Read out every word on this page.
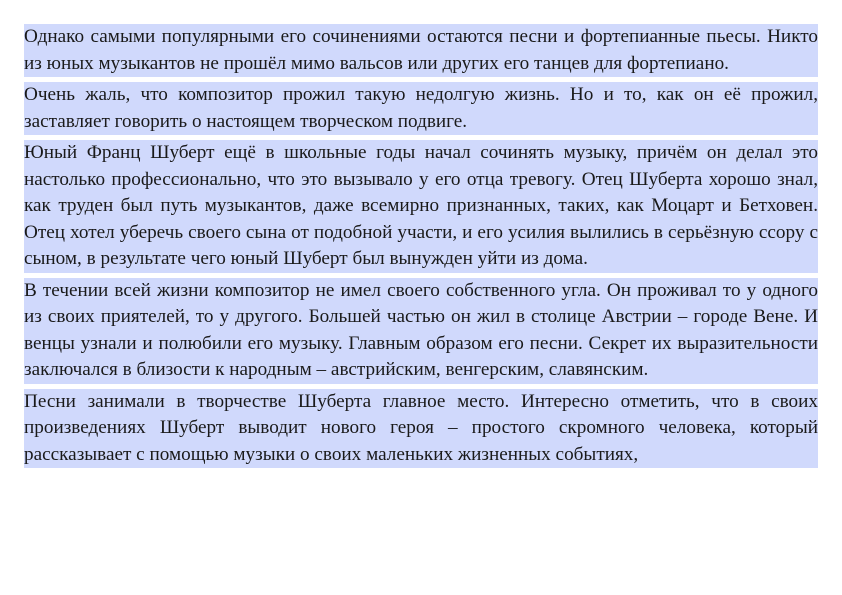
Однако самыми популярными его сочинениями остаются песни и фортепианные пьесы. Никто из юных музыкантов не прошёл мимо вальсов или других его танцев для фортепиано.

Очень жаль, что композитор прожил такую недолгую жизнь. Но и то, как он её прожил, заставляет говорить о настоящем творческом подвиге.

Юный Франц Шуберт ещё в школьные годы начал сочинять музыку, причём он делал это настолько профессионально, что это вызывало у его отца тревогу. Отец Шуберта хорошо знал, как труден был путь музыкантов, даже всемирно признанных, таких, как Моцарт и Бетховен. Отец хотел уберечь своего сына от подобной участи, и его усилия вылились в серьёзную ссору с сыном, в результате чего юный Шуберт был вынужден уйти из дома.

В течении всей жизни композитор не имел своего собственного угла. Он проживал то у одного из своих приятелей, то у другого. Большей частью он жил в столице Австрии – городе Вене. И венцы узнали и полюбили его музыку. Главным образом его песни. Секрет их выразительности заключался в близости к народным – австрийским, венгерским, славянским.

Песни занимали в творчестве Шуберта главное место. Интересно отметить, что в своих произведениях Шуберт выводит нового героя – простого скромного человека, который рассказывает с помощью музыки о своих маленьких жизненных событиях,
